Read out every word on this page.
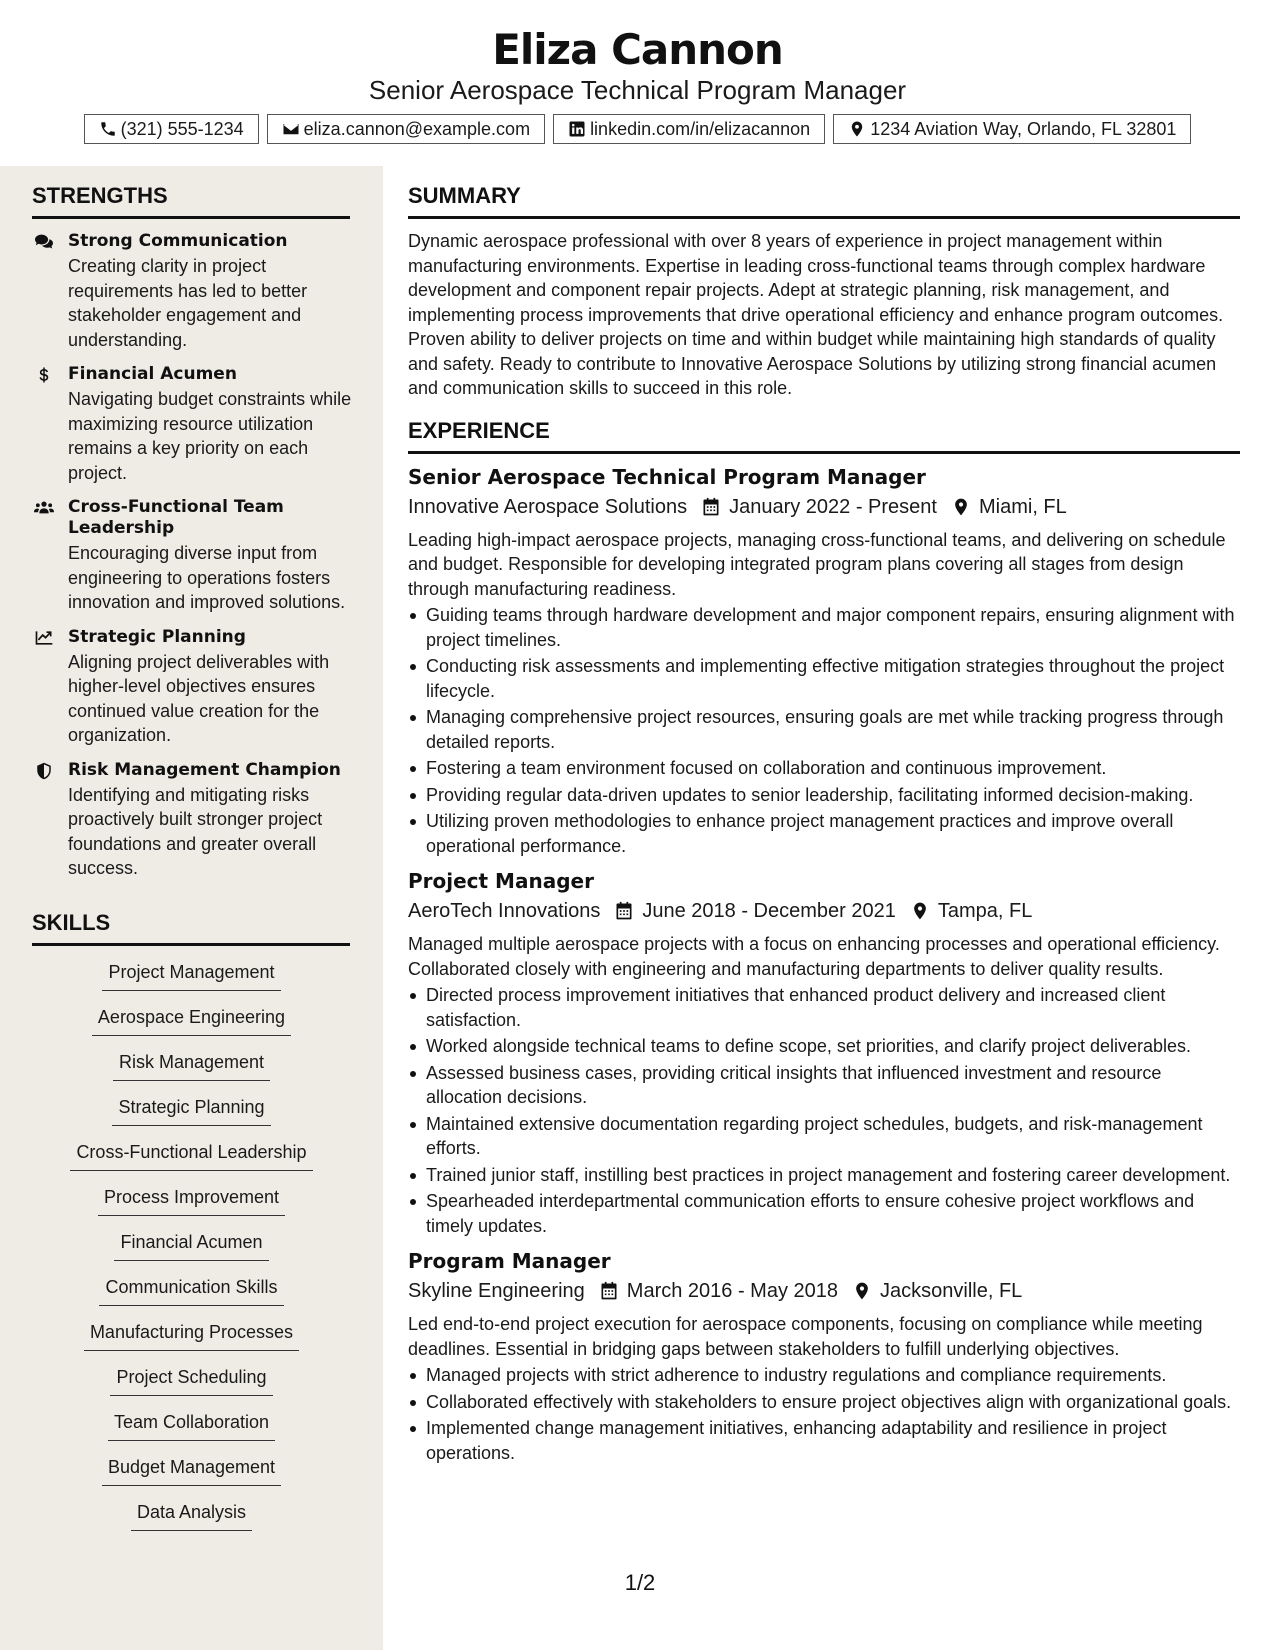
Eliza Cannon
Senior Aerospace Technical Program Manager
(321) 555-1234	eliza.cannon@example.com	linkedin.com/in/elizacannon	1234 Aviation Way, Orlando, FL 32801
STRENGTHS
Strong Communication
Creating clarity in project requirements has led to better stakeholder engagement and understanding.
Financial Acumen
Navigating budget constraints while maximizing resource utilization remains a key priority on each project.
Cross-Functional Team Leadership
Encouraging diverse input from engineering to operations fosters innovation and improved solutions.
Strategic Planning
Aligning project deliverables with higher-level objectives ensures continued value creation for the organization.
Risk Management Champion
Identifying and mitigating risks proactively built stronger project foundations and greater overall success.
SKILLS
Project Management
Aerospace Engineering
Risk Management
Strategic Planning
Cross-Functional Leadership
Process Improvement
Financial Acumen
Communication Skills
Manufacturing Processes
Project Scheduling
Team Collaboration
Budget Management
Data Analysis
SUMMARY
Dynamic aerospace professional with over 8 years of experience in project management within manufacturing environments. Expertise in leading cross-functional teams through complex hardware development and component repair projects. Adept at strategic planning, risk management, and implementing process improvements that drive operational efficiency and enhance program outcomes. Proven ability to deliver projects on time and within budget while maintaining high standards of quality and safety. Ready to contribute to Innovative Aerospace Solutions by utilizing strong financial acumen and communication skills to succeed in this role.
EXPERIENCE
Senior Aerospace Technical Program Manager
Innovative Aerospace Solutions January 2022 - Present Miami, FL
Leading high-impact aerospace projects, managing cross-functional teams, and delivering on schedule and budget. Responsible for developing integrated program plans covering all stages from design through manufacturing readiness.
Guiding teams through hardware development and major component repairs, ensuring alignment with project timelines.
Conducting risk assessments and implementing effective mitigation strategies throughout the project lifecycle.
Managing comprehensive project resources, ensuring goals are met while tracking progress through detailed reports.
Fostering a team environment focused on collaboration and continuous improvement.
Providing regular data-driven updates to senior leadership, facilitating informed decision-making.
Utilizing proven methodologies to enhance project management practices and improve overall operational performance.
Project Manager
AeroTech Innovations June 2018 - December 2021 Tampa, FL
Managed multiple aerospace projects with a focus on enhancing processes and operational efficiency. Collaborated closely with engineering and manufacturing departments to deliver quality results.
Directed process improvement initiatives that enhanced product delivery and increased client satisfaction.
Worked alongside technical teams to define scope, set priorities, and clarify project deliverables.
Assessed business cases, providing critical insights that influenced investment and resource allocation decisions.
Maintained extensive documentation regarding project schedules, budgets, and risk-management efforts.
Trained junior staff, instilling best practices in project management and fostering career development.
Spearheaded interdepartmental communication efforts to ensure cohesive project workflows and timely updates.
Program Manager
Skyline Engineering March 2016 - May 2018 Jacksonville, FL
Led end-to-end project execution for aerospace components, focusing on compliance while meeting deadlines. Essential in bridging gaps between stakeholders to fulfill underlying objectives.
Managed projects with strict adherence to industry regulations and compliance requirements.
Collaborated effectively with stakeholders to ensure project objectives align with organizational goals.
Implemented change management initiatives, enhancing adaptability and resilience in project operations.
1/2
